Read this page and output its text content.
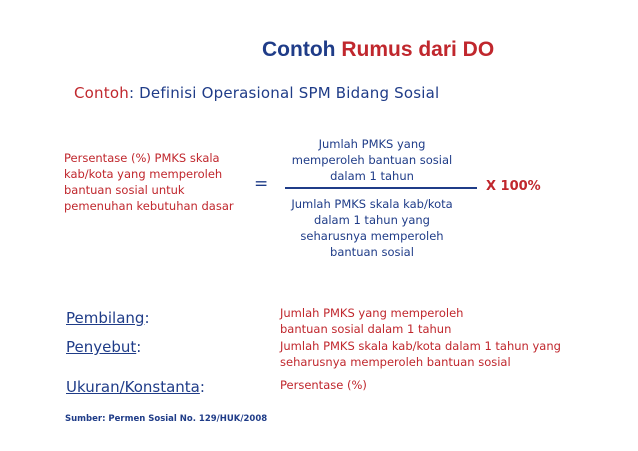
Contoh Rumus dari DO
Contoh: Definisi Operasional SPM Bidang Sosial
Persentase (%) PMKS skala kab/kota yang memperoleh bantuan sosial untuk pemenuhan kebutuhan dasar
=
Jumlah PMKS yang memperoleh bantuan sosial dalam 1 tahun
Jumlah PMKS skala kab/kota dalam 1 tahun yang seharusnya memperoleh bantuan sosial
X 100%
Pembilang:
Penyebut:
Ukuran/Konstanta:
Jumlah PMKS yang memperoleh bantuan sosial dalam 1 tahun
Jumlah PMKS skala kab/kota dalam 1 tahun yang seharusnya memperoleh bantuan sosial
Persentase (%)
Sumber: Permen Sosial No. 129/HUK/2008
